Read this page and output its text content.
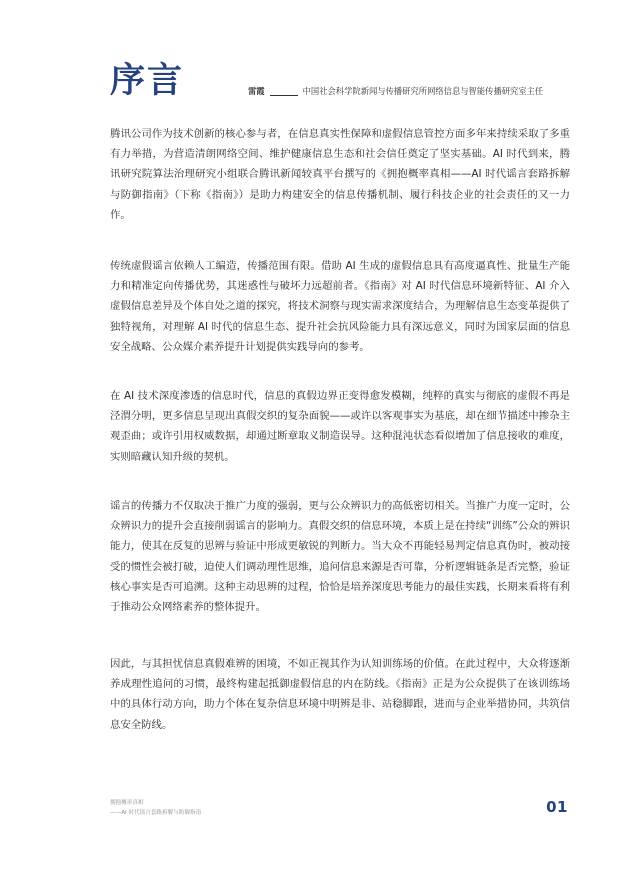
序言	雷霞	中国社会科学院新闻与传播研究所网络信息与智能传播研究室主任

腾讯公司作为技术创新的核心参与者，在信息真实性保障和虚假信息管控方面多年来持续采取了多重有力举措，为营造清朗网络空间、维护健康信息生态和社会信任奠定了坚实基础。AI 时代到来，腾讯研究院算法治理研究小组联合腾讯新闻较真平台撰写的《拥抱概率真相——AI 时代谣言套路拆解与防御指南》（下称《指南》）是助力构建安全的信息传播机制、履行科技企业的社会责任的又一力作。

传统虚假谣言依赖人工编造，传播范围有限。借助 AI 生成的虚假信息具有高度逼真性、批量生产能力和精准定向传播优势，其迷惑性与破坏力远超前者。《指南》对 AI 时代信息环境新特征、AI 介入虚假信息差异及个体自处之道的探究，将技术洞察与现实需求深度结合，为理解信息生态变革提供了独特视角，对理解 AI 时代的信息生态、提升社会抗风险能力具有深远意义，同时为国家层面的信息安全战略、公众媒介素养提升计划提供实践导向的参考。

在 AI 技术深度渗透的信息时代，信息的真假边界正变得愈发模糊，纯粹的真实与彻底的虚假不再是泾渭分明，更多信息呈现出真假交织的复杂面貌——或许以客观事实为基底，却在细节描述中掺杂主观歪曲；或许引用权威数据，却通过断章取义制造误导。这种混沌状态看似增加了信息接收的难度，实则暗藏认知升级的契机。

谣言的传播力不仅取决于推广力度的强弱，更与公众辨识力的高低密切相关。当推广力度一定时，公众辨识力的提升会直接削弱谣言的影响力。真假交织的信息环境，本质上是在持续“训练”公众的辨识能力，使其在反复的思辨与验证中形成更敏锐的判断力。当大众不再能轻易判定信息真伪时，被动接受的惯性会被打破，迫使人们调动理性思维，追问信息来源是否可靠，分析逻辑链条是否完整，验证核心事实是否可追溯。这种主动思辨的过程，恰恰是培养深度思考能力的最佳实践，长期来看将有利于推动公众网络素养的整体提升。

因此，与其担忧信息真假难辨的困境，不如正视其作为认知训练场的价值。在此过程中，大众将逐渐养成理性追问的习惯，最终构建起抵御虚假信息的内在防线。《指南》正是为公众提供了在该训练场中的具体行动方向，助力个体在复杂信息环境中明辨是非、站稳脚跟，进而与企业举措协同，共筑信息安全防线。

拥抱概率真相
——AI 时代谣言套路拆解与防御指南	01
